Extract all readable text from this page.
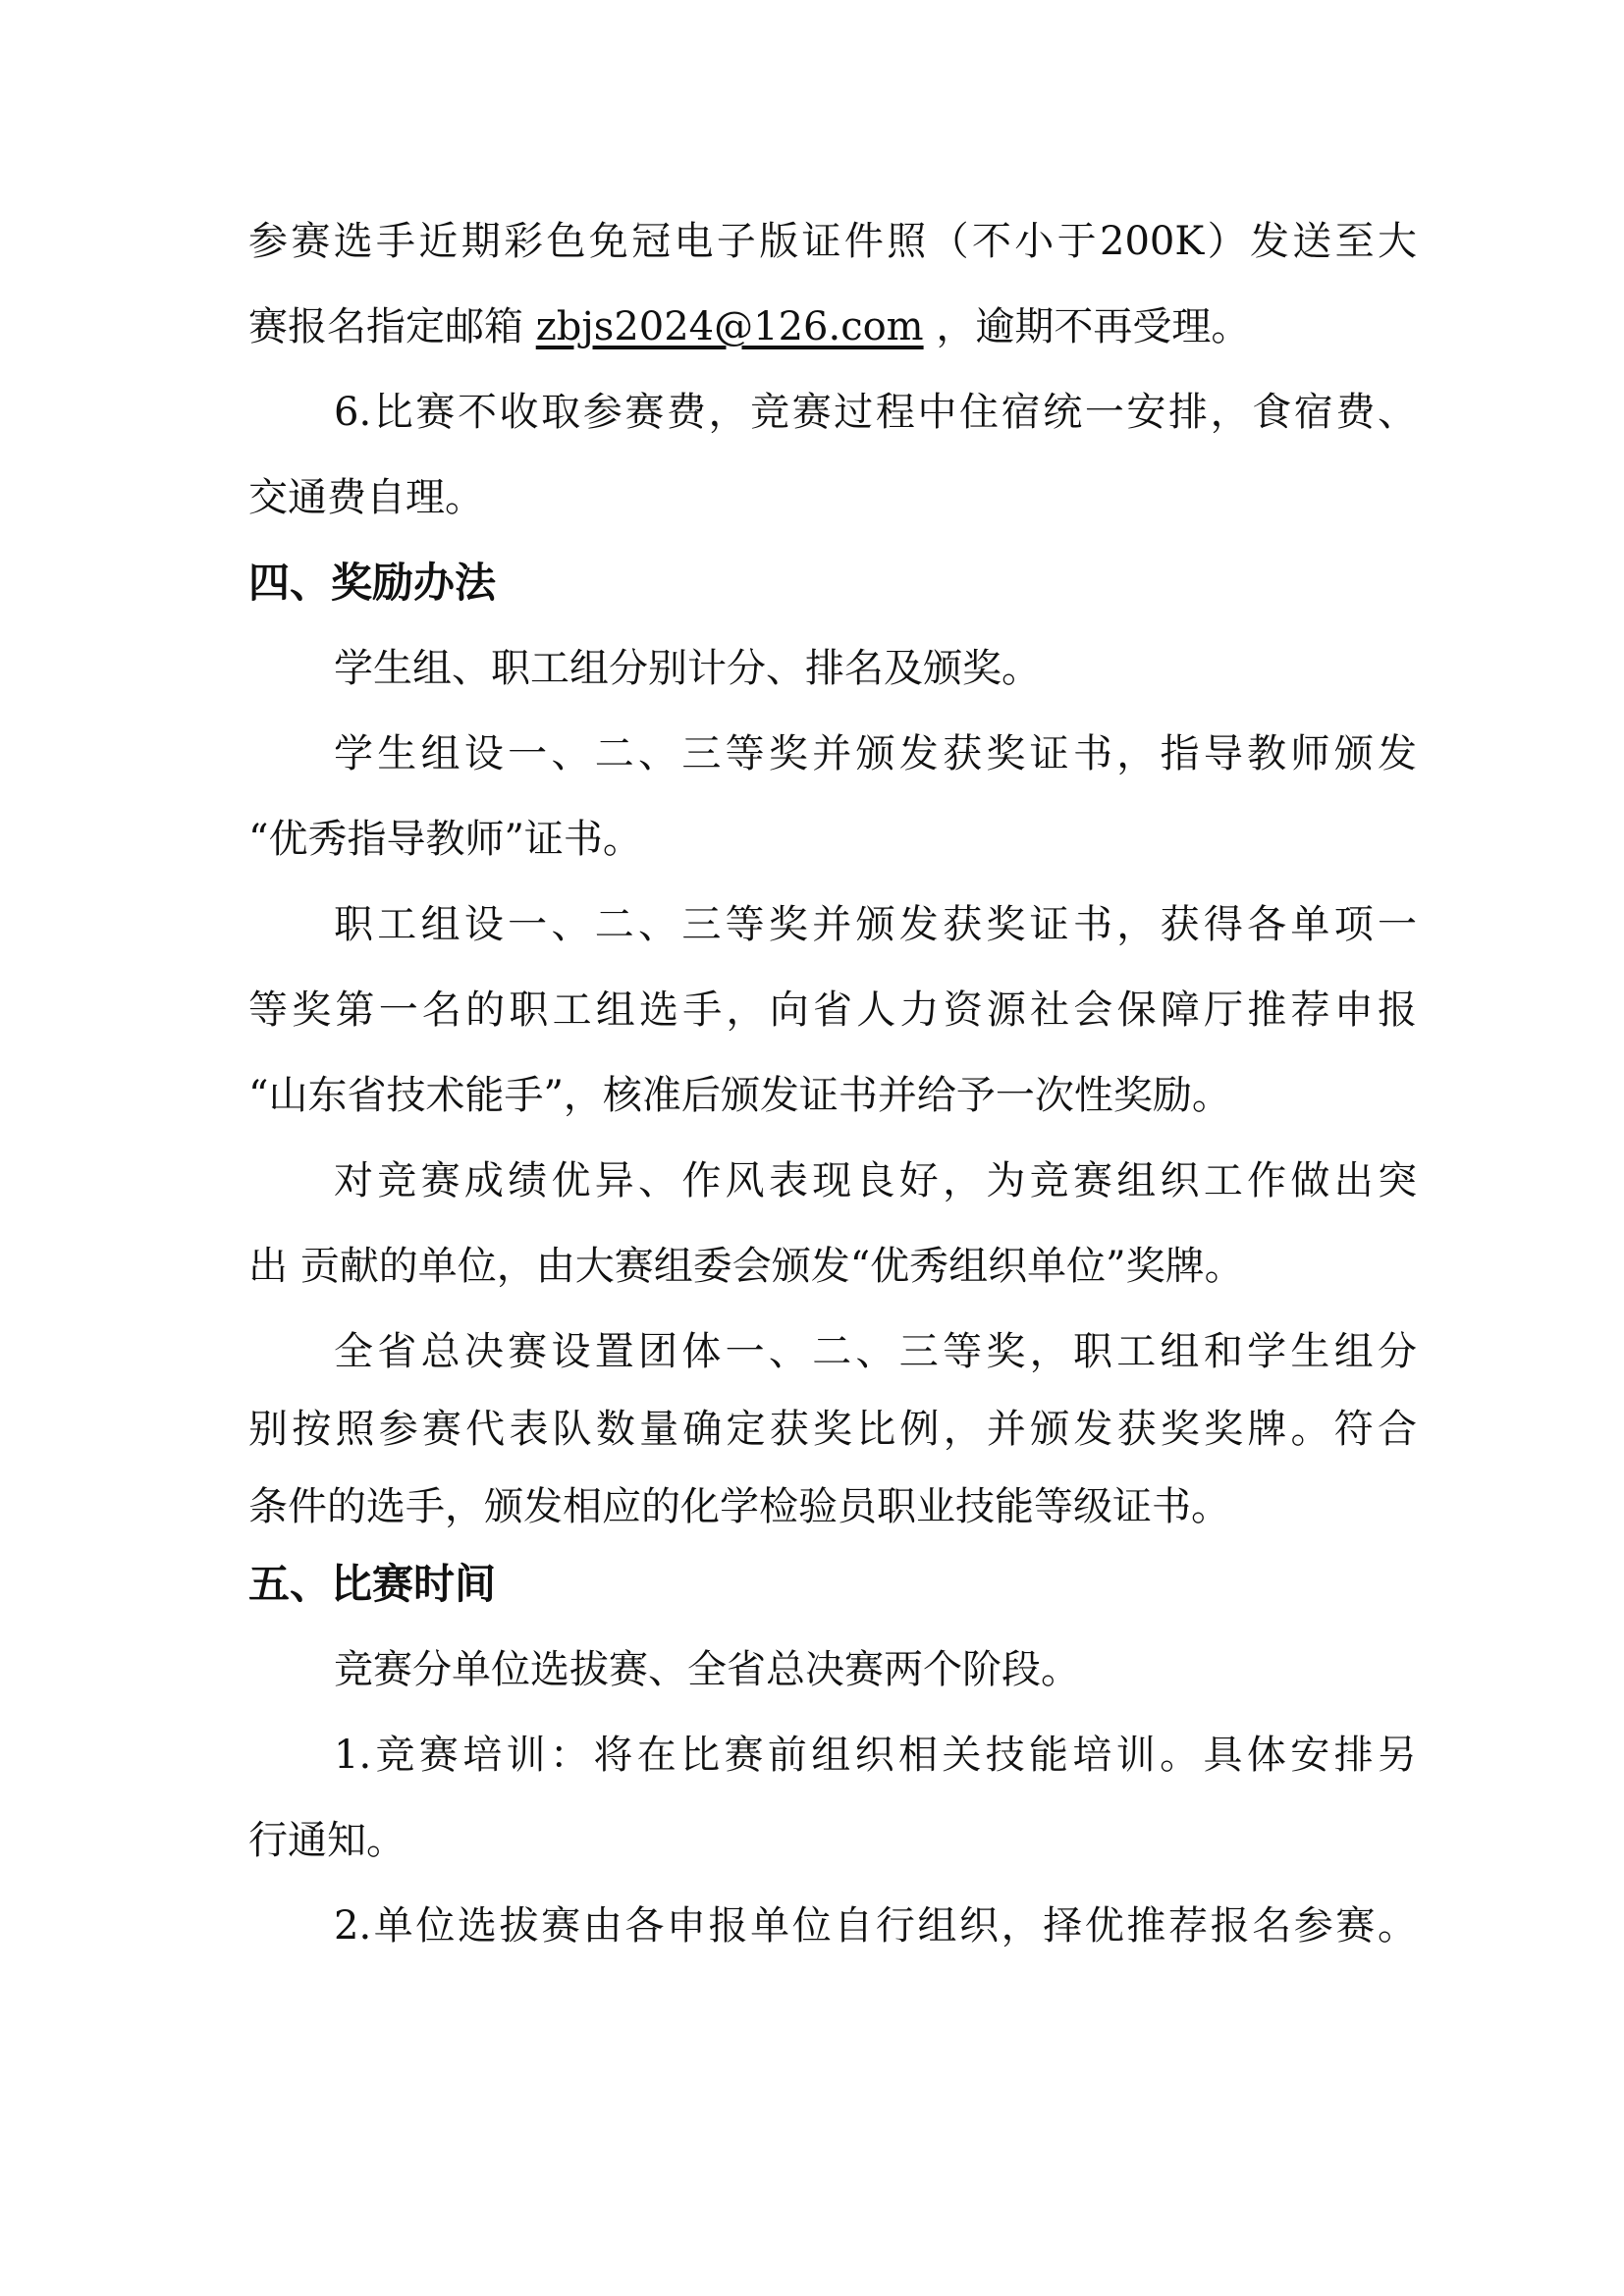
参赛选手近期彩色免冠电子版证件照（不小于200K）发送至大
赛报名指定邮箱 zbjs2024@126.com ，逾期不再受理。
6.比赛不收取参赛费，竞赛过程中住宿统一安排，食宿费、
交通费自理。
四、奖励办法
学生组、职工组分别计分、排名及颁奖。
学生组设一、二、三等奖并颁发获奖证书，指导教师颁发
“优秀指导教师”证书。
职工组设一、二、三等奖并颁发获奖证书，获得各单项一
等奖第一名的职工组选手，向省人力资源社会保障厅推荐申报
“山东省技术能手”，核准后颁发证书并给予一次性奖励。
对竞赛成绩优异、作风表现良好，为竞赛组织工作做出突
出 贡献的单位，由大赛组委会颁发“优秀组织单位”奖牌。
全省总决赛设置团体一、二、三等奖，职工组和学生组分
别按照参赛代表队数量确定获奖比例，并颁发获奖奖牌。符合
条件的选手，颁发相应的化学检验员职业技能等级证书。
五、比赛时间
竞赛分单位选拔赛、全省总决赛两个阶段。
1.竞赛培训：将在比赛前组织相关技能培训。具体安排另
行通知。
2.单位选拔赛由各申报单位自行组织，择优推荐报名参赛。
